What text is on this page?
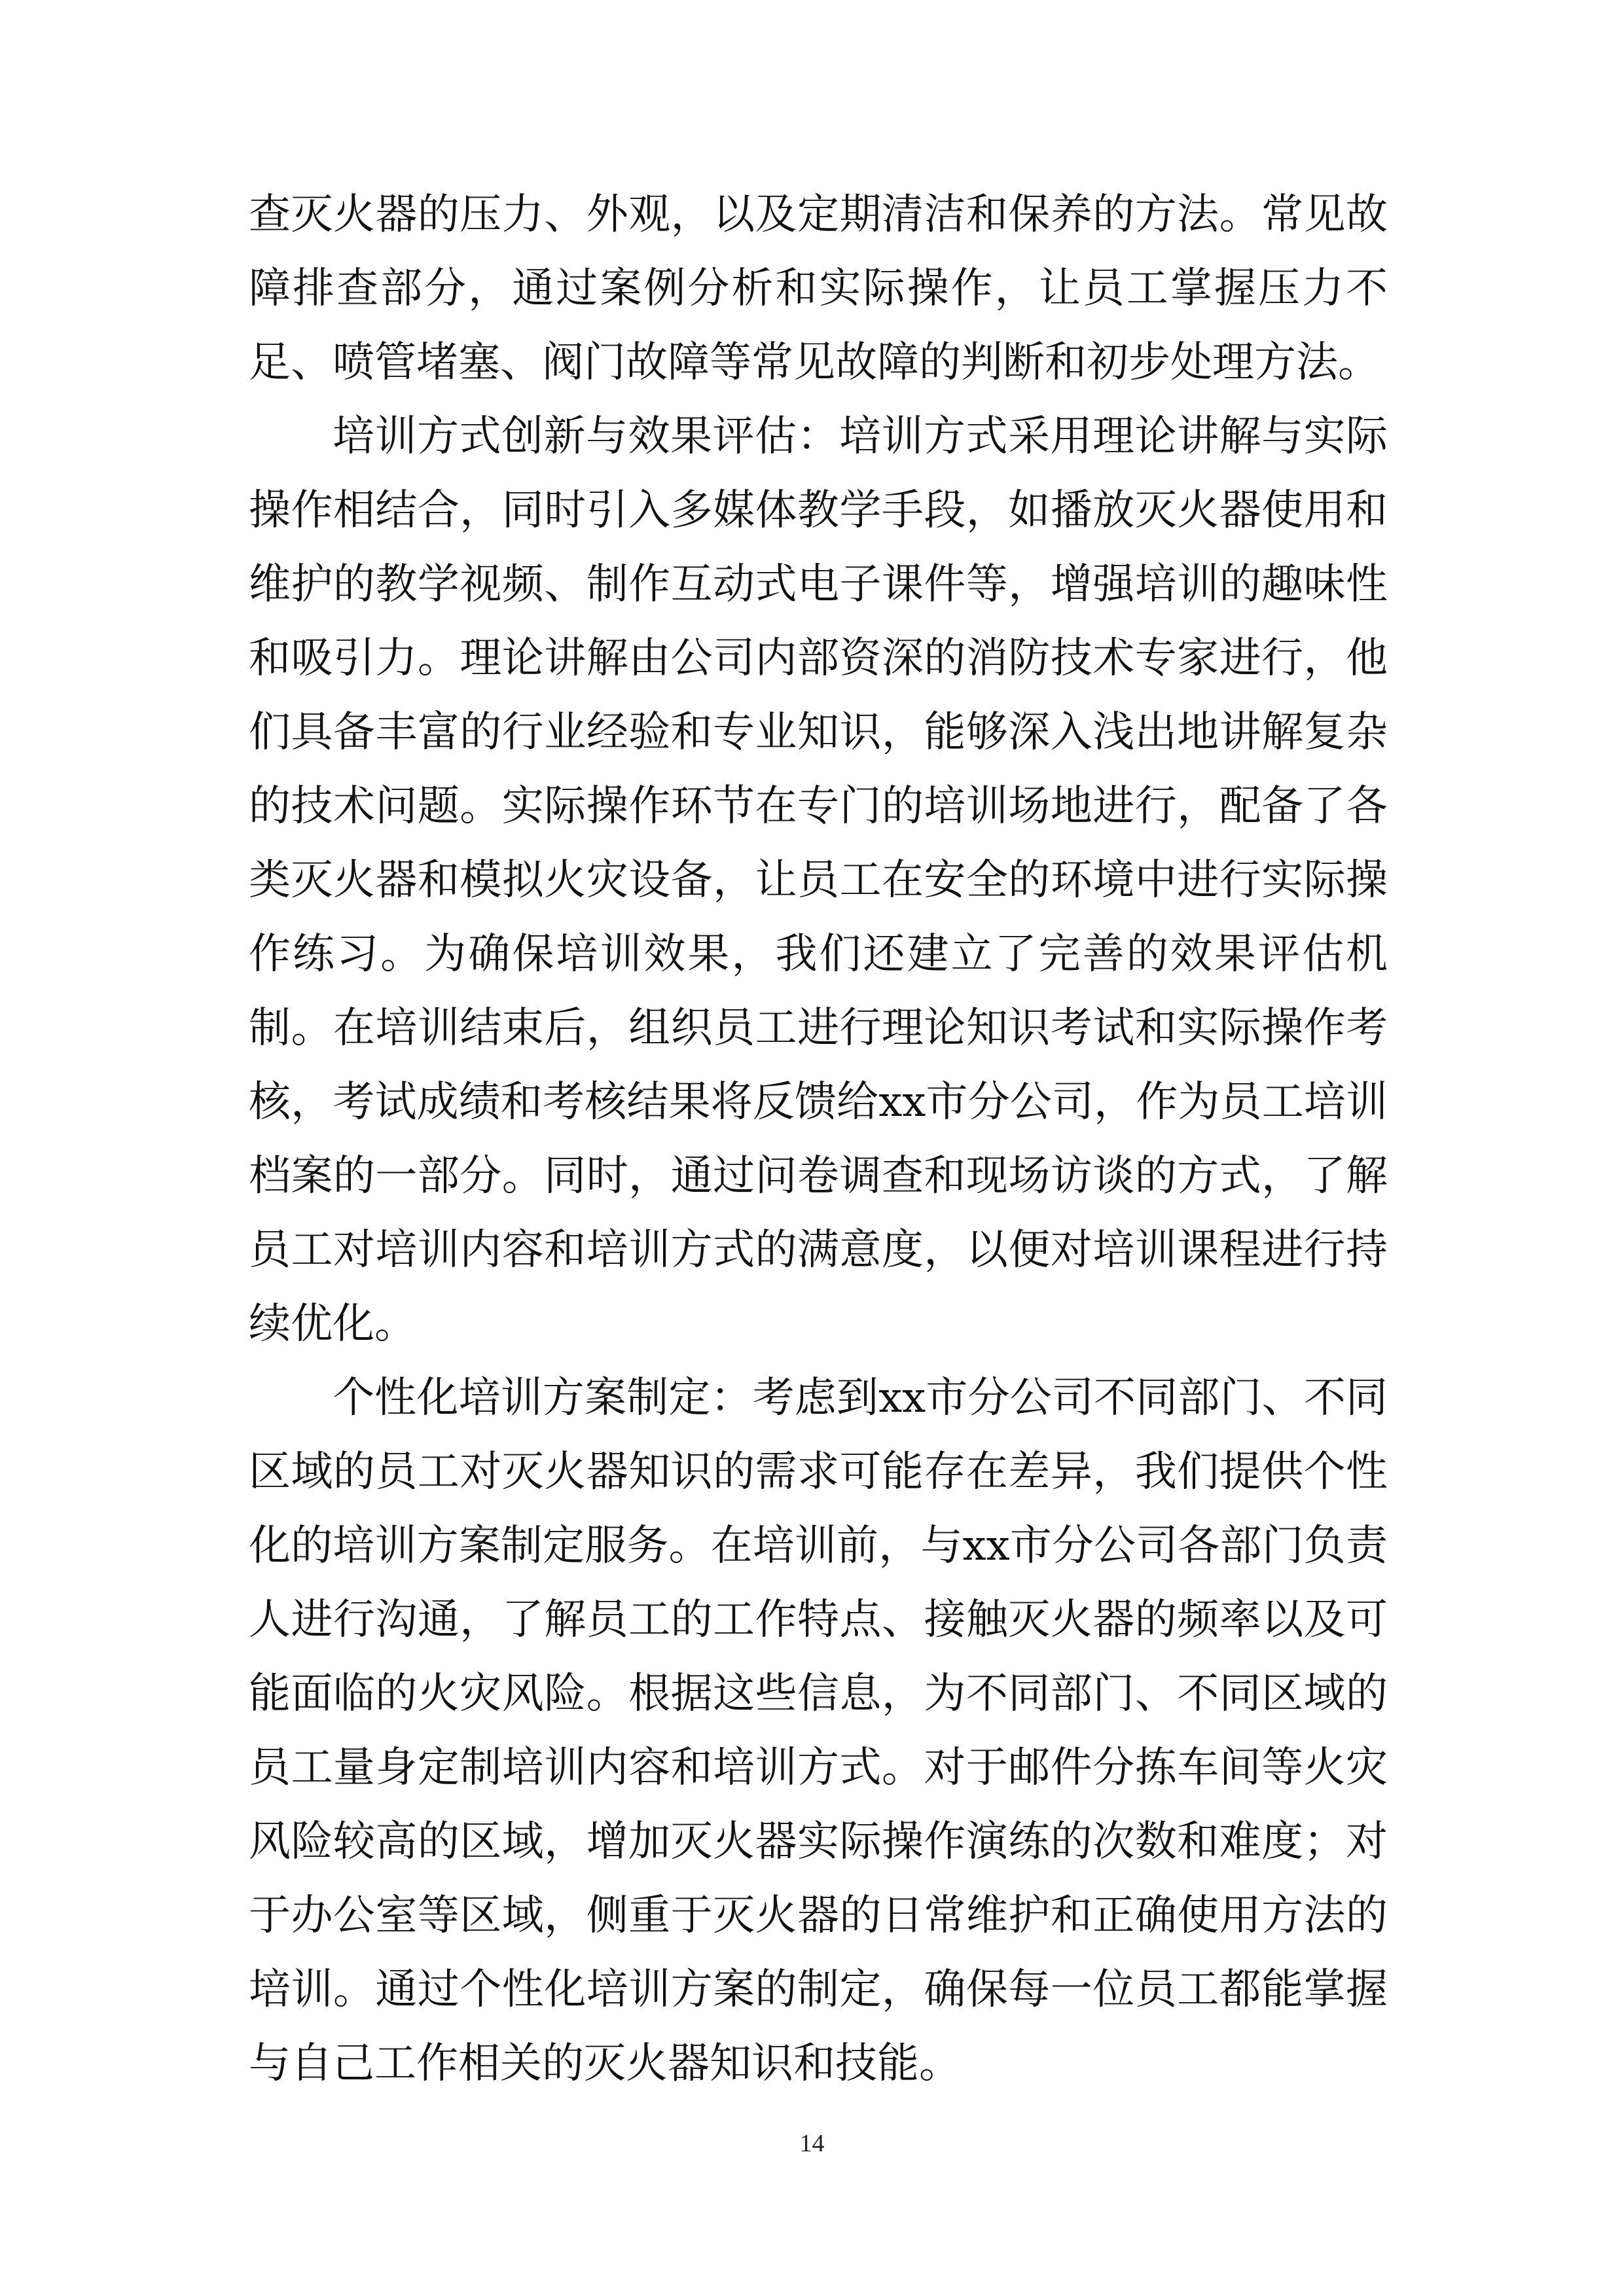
查灭火器的压力、外观，以及定期清洁和保养的方法。常见故障排查部分，通过案例分析和实际操作，让员工掌握压力不足、喷管堵塞、阀门故障等常见故障的判断和初步处理方法。

培训方式创新与效果评估：培训方式采用理论讲解与实际操作相结合，同时引入多媒体教学手段，如播放灭火器使用和维护的教学视频、制作互动式电子课件等，增强培训的趣味性和吸引力。理论讲解由公司内部资深的消防技术专家进行，他们具备丰富的行业经验和专业知识，能够深入浅出地讲解复杂的技术问题。实际操作环节在专门的培训场地进行，配备了各类灭火器和模拟火灾设备，让员工在安全的环境中进行实际操作练习。为确保培训效果，我们还建立了完善的效果评估机制。在培训结束后，组织员工进行理论知识考试和实际操作考核，考试成绩和考核结果将反馈给xx市分公司，作为员工培训档案的一部分。同时，通过问卷调查和现场访谈的方式，了解员工对培训内容和培训方式的满意度，以便对培训课程进行持续优化。

个性化培训方案制定：考虑到xx市分公司不同部门、不同区域的员工对灭火器知识的需求可能存在差异，我们提供个性化的培训方案制定服务。在培训前，与xx市分公司各部门负责人进行沟通，了解员工的工作特点、接触灭火器的频率以及可能面临的火灾风险。根据这些信息，为不同部门、不同区域的员工量身定制培训内容和培训方式。对于邮件分拣车间等火灾风险较高的区域，增加灭火器实际操作演练的次数和难度；对于办公室等区域，侧重于灭火器的日常维护和正确使用方法的培训。通过个性化培训方案的制定，确保每一位员工都能掌握与自己工作相关的灭火器知识和技能。

14
